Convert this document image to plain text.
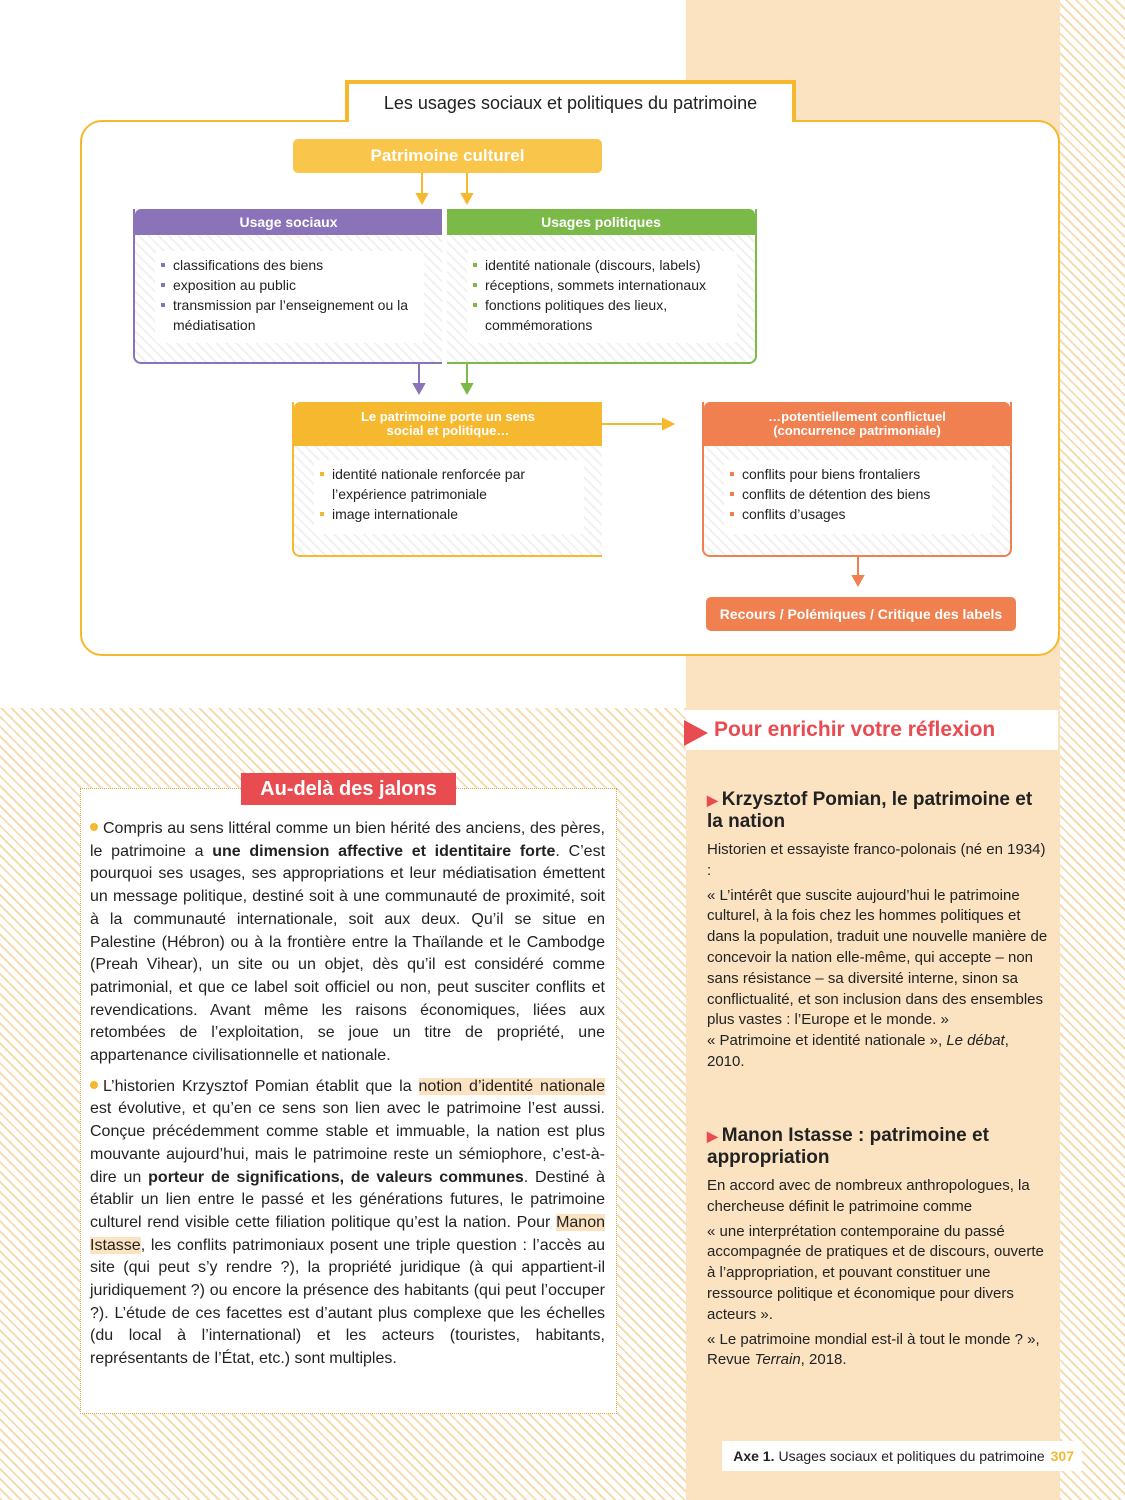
Les usages sociaux et politiques du patrimoine
Patrimoine culturel
Usage sociaux
classifications des biens
exposition au public
transmission par l’enseignement ou la médiatisation
Usages politiques
identité nationale (discours, labels)
réceptions, sommets internationaux
fonctions politiques des lieux, commémorations
Le patrimoine porte un sens social et politique…
identité nationale renforcée par l’expérience patrimoniale
image internationale
…potentiellement conflictuel (concurrence patrimoniale)
conflits pour biens frontaliers
conflits de détention des biens
conflits d’usages
Recours / Polémiques / Critique des labels
Au-delà des jalons

Compris au sens littéral comme un bien hérité des anciens, des pères, le patrimoine a une dimension affective et identitaire forte. C’est pourquoi ses usages, ses appropriations et leur médiatisation émettent un message politique, destiné soit à une communauté de proximité, soit à la communauté internationale, soit aux deux. Qu’il se situe en Palestine (Hébron) ou à la frontière entre la Thaïlande et le Cambodge (Preah Vihear), un site ou un objet, dès qu’il est considéré comme patrimonial, et que ce label soit officiel ou non, peut susciter conflits et revendications. Avant même les raisons économiques, liées aux retombées de l’exploitation, se joue un titre de propriété, une appartenance civilisationnelle et nationale.

L’historien Krzysztof Pomian établit que la notion d’identité nationale est évolutive, et qu’en ce sens son lien avec le patrimoine l’est aussi. Conçue précédemment comme stable et immuable, la nation est plus mouvante aujourd’hui, mais le patrimoine reste un sémiophore, c’est-à-dire un porteur de significations, de valeurs communes. Destiné à établir un lien entre le passé et les générations futures, le patrimoine culturel rend visible cette filiation politique qu’est la nation. Pour Manon Istasse, les conflits patrimoniaux posent une triple question : l’accès au site (qui peut s’y rendre ?), la propriété juridique (à qui appartient-il juridiquement ?) ou encore la présence des habitants (qui peut l’occuper ?). L’étude de ces facettes est d’autant plus complexe que les échelles (du local à l’international) et les acteurs (touristes, habitants, représentants de l’État, etc.) sont multiples.

Pour enrichir votre réflexion
▶ Krzysztof Pomian, le patrimoine et la nation
Historien et essayiste franco-polonais (né en 1934) :
« L’intérêt que suscite aujourd’hui le patrimoine culturel, à la fois chez les hommes politiques et dans la population, traduit une nouvelle manière de concevoir la nation elle-même, qui accepte – non sans résistance – sa diversité interne, sinon sa conflictualité, et son inclusion dans des ensembles plus vastes : l’Europe et le monde. »
« Patrimoine et identité nationale », Le débat, 2010.
▶ Manon Istasse : patrimoine et appropriation
En accord avec de nombreux anthropologues, la chercheuse définit le patrimoine comme
« une interprétation contemporaine du passé accompagnée de pratiques et de discours, ouverte à l’appropriation, et pouvant constituer une ressource politique et économique pour divers acteurs ».
« Le patrimoine mondial est-il à tout le monde ? », Revue Terrain, 2018.
Axe 1. Usages sociaux et politiques du patrimoine 307
